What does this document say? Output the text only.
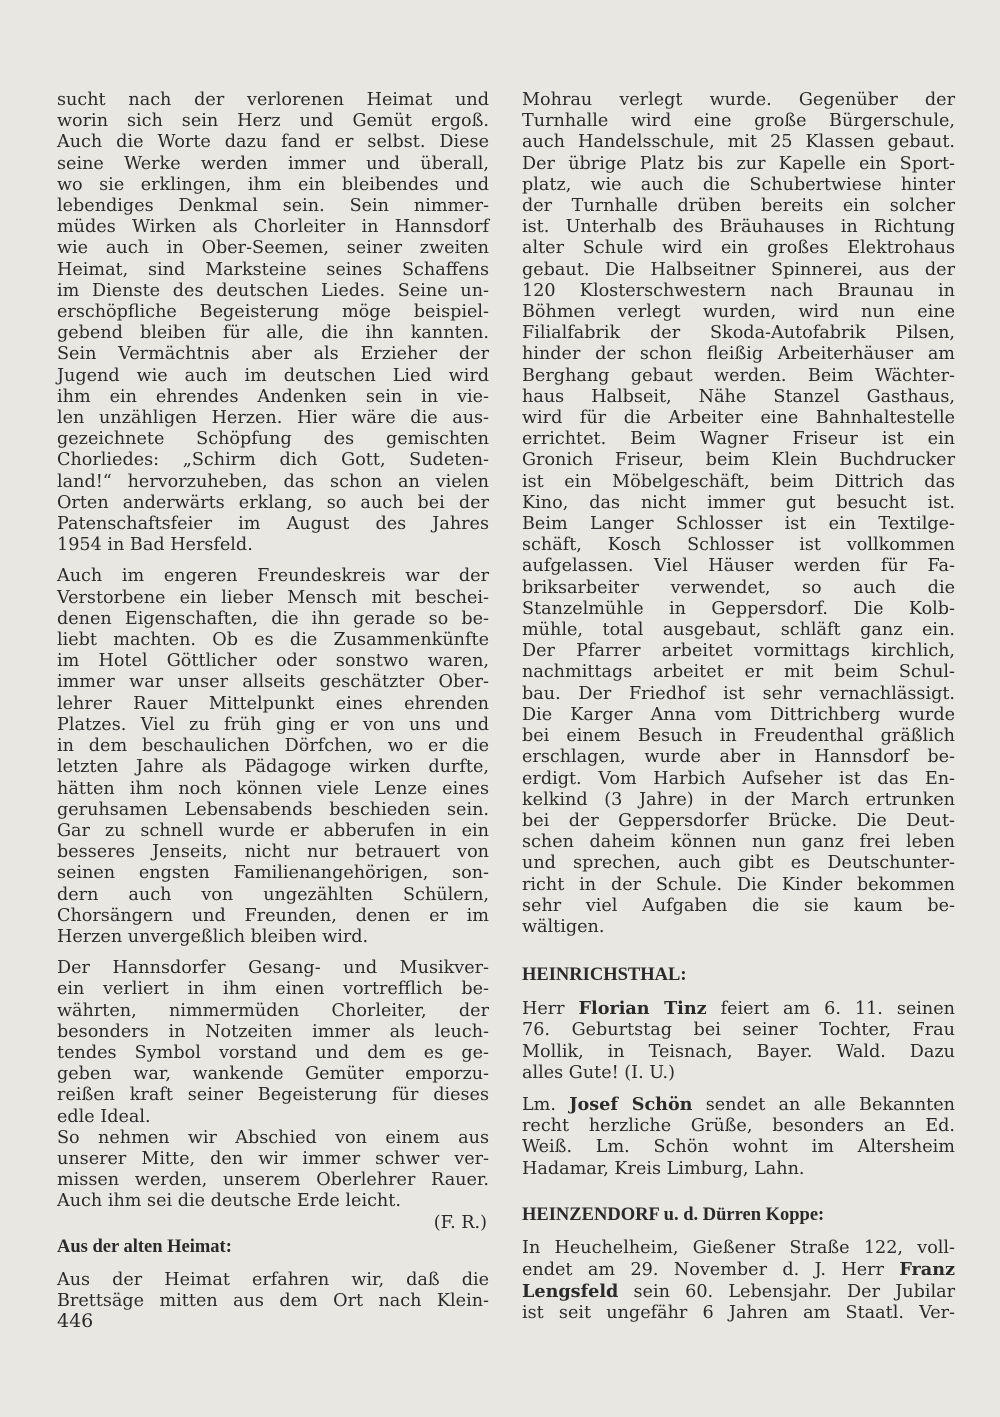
sucht nach der verlorenen Heimat und
worin sich sein Herz und Gemüt ergoß.
Auch die Worte dazu fand er selbst. Diese
seine Werke werden immer und überall,
wo sie erklingen, ihm ein bleibendes und
lebendiges Denkmal sein. Sein nimmer-
müdes Wirken als Chorleiter in Hannsdorf
wie auch in Ober-Seemen, seiner zweiten
Heimat, sind Marksteine seines Schaffens
im Dienste des deutschen Liedes. Seine un-
erschöpfliche Begeisterung möge beispiel-
gebend bleiben für alle, die ihn kannten.
Sein Vermächtnis aber als Erzieher der
Jugend wie auch im deutschen Lied wird
ihm ein ehrendes Andenken sein in vie-
len unzähligen Herzen. Hier wäre die aus-
gezeichnete Schöpfung des gemischten
Chorliedes: „Schirm dich Gott, Sudeten-
land!“ hervorzuheben, das schon an vielen
Orten anderwärts erklang, so auch bei der
Patenschaftsfeier im August des Jahres
1954 in Bad Hersfeld.
Auch im engeren Freundeskreis war der
Verstorbene ein lieber Mensch mit beschei-
denen Eigenschaften, die ihn gerade so be-
liebt machten. Ob es die Zusammenkünfte
im Hotel Göttlicher oder sonstwo waren,
immer war unser allseits geschätzter Ober-
lehrer Rauer Mittelpunkt eines ehrenden
Platzes. Viel zu früh ging er von uns und
in dem beschaulichen Dörfchen, wo er die
letzten Jahre als Pädagoge wirken durfte,
hätten ihm noch können viele Lenze eines
geruhsamen Lebensabends beschieden sein.
Gar zu schnell wurde er abberufen in ein
besseres Jenseits, nicht nur betrauert von
seinen engsten Familienangehörigen, son-
dern auch von ungezählten Schülern,
Chorsängern und Freunden, denen er im
Herzen unvergeßlich bleiben wird.
Der Hannsdorfer Gesang- und Musikver-
ein verliert in ihm einen vortrefflich be-
währten, nimmermüden Chorleiter, der
besonders in Notzeiten immer als leuch-
tendes Symbol vorstand und dem es ge-
geben war, wankende Gemüter emporzu-
reißen kraft seiner Begeisterung für dieses
edle Ideal.
So nehmen wir Abschied von einem aus
unserer Mitte, den wir immer schwer ver-
missen werden, unserem Oberlehrer Rauer.
Auch ihm sei die deutsche Erde leicht.
(F. R.)
Aus der alten Heimat:
Aus der Heimat erfahren wir, daß die
Brettsäge mitten aus dem Ort nach Klein-
Mohrau verlegt wurde. Gegenüber der
Turnhalle wird eine große Bürgerschule,
auch Handelsschule, mit 25 Klassen gebaut.
Der übrige Platz bis zur Kapelle ein Sport-
platz, wie auch die Schubertwiese hinter
der Turnhalle drüben bereits ein solcher
ist. Unterhalb des Bräuhauses in Richtung
alter Schule wird ein großes Elektrohaus
gebaut. Die Halbseitner Spinnerei, aus der
120 Klosterschwestern nach Braunau in
Böhmen verlegt wurden, wird nun eine
Filialfabrik der Skoda-Autofabrik Pilsen,
hinder der schon fleißig Arbeiterhäuser am
Berghang gebaut werden. Beim Wächter-
haus Halbseit, Nähe Stanzel Gasthaus,
wird für die Arbeiter eine Bahnhaltestelle
errichtet. Beim Wagner Friseur ist ein
Gronich Friseur, beim Klein Buchdrucker
ist ein Möbelgeschäft, beim Dittrich das
Kino, das nicht immer gut besucht ist.
Beim Langer Schlosser ist ein Textilge-
schäft, Kosch Schlosser ist vollkommen
aufgelassen. Viel Häuser werden für Fa-
briksarbeiter verwendet, so auch die
Stanzelmühle in Geppersdorf. Die Kolb-
mühle, total ausgebaut, schläft ganz ein.
Der Pfarrer arbeitet vormittags kirchlich,
nachmittags arbeitet er mit beim Schul-
bau. Der Friedhof ist sehr vernachlässigt.
Die Karger Anna vom Dittrichberg wurde
bei einem Besuch in Freudenthal gräßlich
erschlagen, wurde aber in Hannsdorf be-
erdigt. Vom Harbich Aufseher ist das En-
kelkind (3 Jahre) in der March ertrunken
bei der Geppersdorfer Brücke. Die Deut-
schen daheim können nun ganz frei leben
und sprechen, auch gibt es Deutschunter-
richt in der Schule. Die Kinder bekommen
sehr viel Aufgaben die sie kaum be-
wältigen.
HEINRICHSTHAL:
Herr Florian Tinz feiert am 6. 11. seinen
76. Geburtstag bei seiner Tochter, Frau
Mollik, in Teisnach, Bayer. Wald. Dazu
alles Gute! (I. U.)
Lm. Josef Schön sendet an alle Bekannten
recht herzliche Grüße, besonders an Ed.
Weiß. Lm. Schön wohnt im Altersheim
Hadamar, Kreis Limburg, Lahn.
HEINZENDORF u. d. Dürren Koppe:
In Heuchelheim, Gießener Straße 122, voll-
endet am 29. November d. J. Herr Franz
Lengsfeld sein 60. Lebensjahr. Der Jubilar
ist seit ungefähr 6 Jahren am Staatl. Ver-
446
